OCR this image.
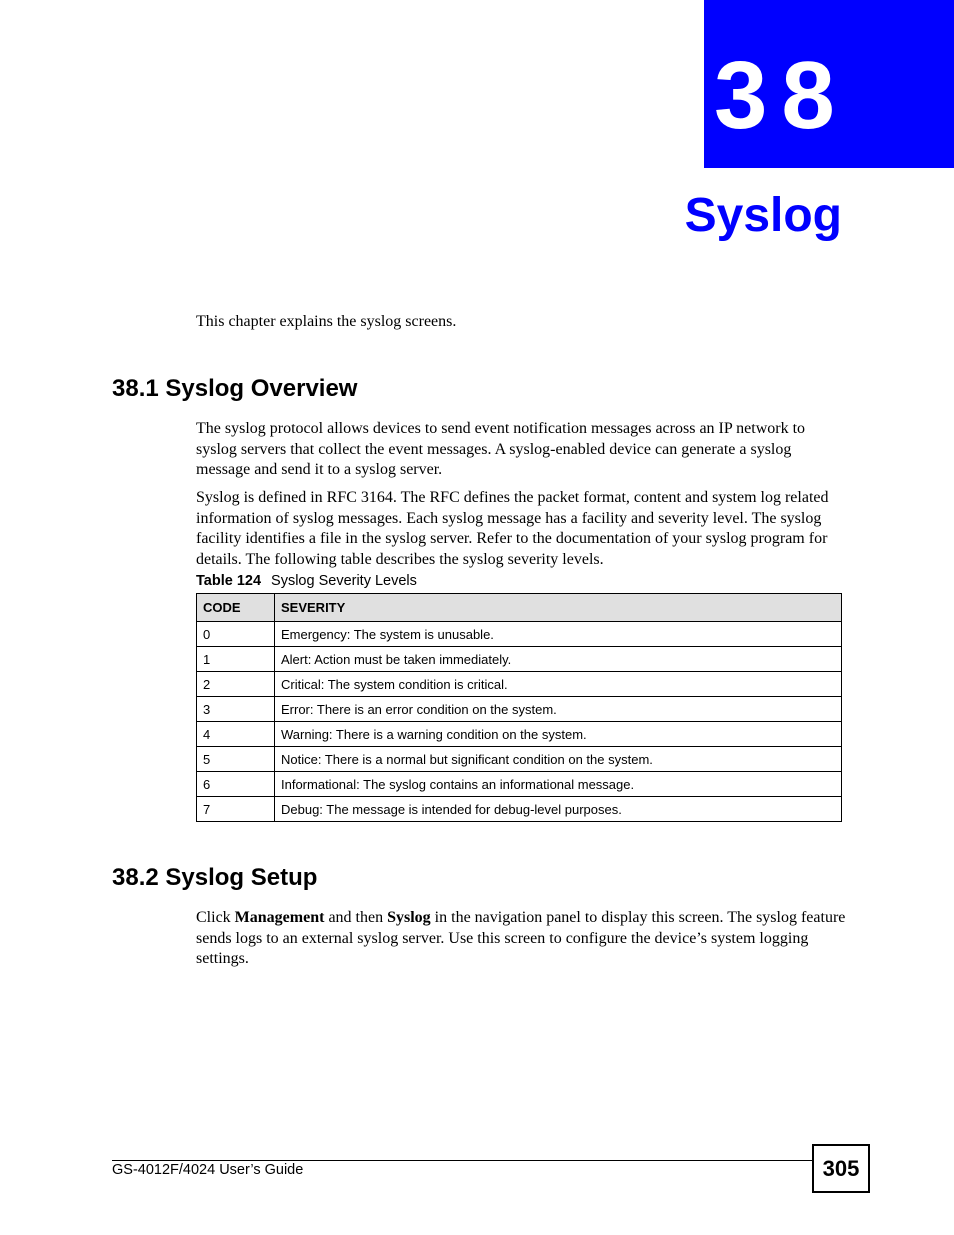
38
Syslog

This chapter explains the syslog screens.

38.1 Syslog Overview

The syslog protocol allows devices to send event notification messages across an IP network to syslog servers that collect the event messages. A syslog-enabled device can generate a syslog message and send it to a syslog server.

Syslog is defined in RFC 3164. The RFC defines the packet format, content and system log related information of syslog messages. Each syslog message has a facility and severity level. The syslog facility identifies a file in the syslog server. Refer to the documentation of your syslog program for details. The following table describes the syslog severity levels.

Table 124 Syslog Severity Levels
CODE	SEVERITY
0	Emergency: The system is unusable.
1	Alert: Action must be taken immediately.
2	Critical: The system condition is critical.
3	Error: There is an error condition on the system.
4	Warning: There is a warning condition on the system.
5	Notice: There is a normal but significant condition on the system.
6	Informational: The syslog contains an informational message.
7	Debug: The message is intended for debug-level purposes.
38.2 Syslog Setup

Click Management and then Syslog in the navigation panel to display this screen. The syslog feature sends logs to an external syslog server. Use this screen to configure the device’s system logging settings.

GS-4012F/4024 User’s Guide	305
